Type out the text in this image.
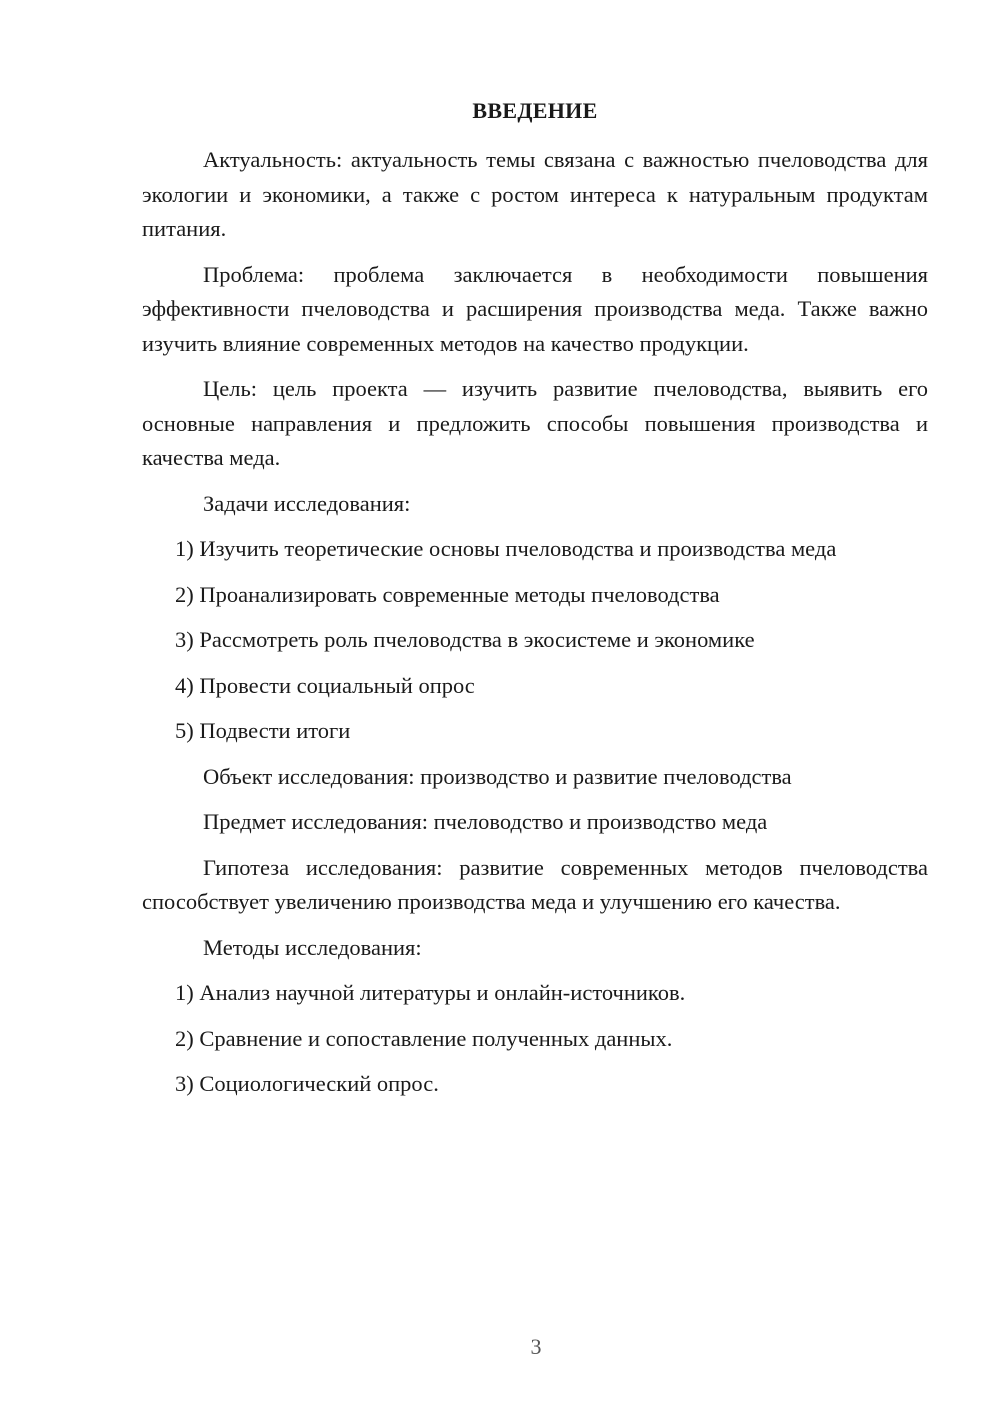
ВВЕДЕНИЕ

Актуальность: актуальность темы связана с важностью пчеловодства для экологии и экономики, а также с ростом интереса к натуральным продуктам питания.

Проблема: проблема заключается в необходимости повышения эффективности пчеловодства и расширения производства меда. Также важно изучить влияние современных методов на качество продукции.

Цель: цель проекта — изучить развитие пчеловодства, выявить его основные направления и предложить способы повышения производства и качества меда.

Задачи исследования:
1) Изучить теоретические основы пчеловодства и производства меда
2) Проанализировать современные методы пчеловодства
3) Рассмотреть роль пчеловодства в экосистеме и экономике
4) Провести социальный опрос
5) Подвести итоги
Объект исследования: производство и развитие пчеловодства
Предмет исследования: пчеловодство и производство меда

Гипотеза исследования: развитие современных методов пчеловодства способствует увеличению производства меда и улучшению его качества.

Методы исследования:
1) Анализ научной литературы и онлайн-источников.
2) Сравнение и сопоставление полученных данных.
3) Социологический опрос.
3
